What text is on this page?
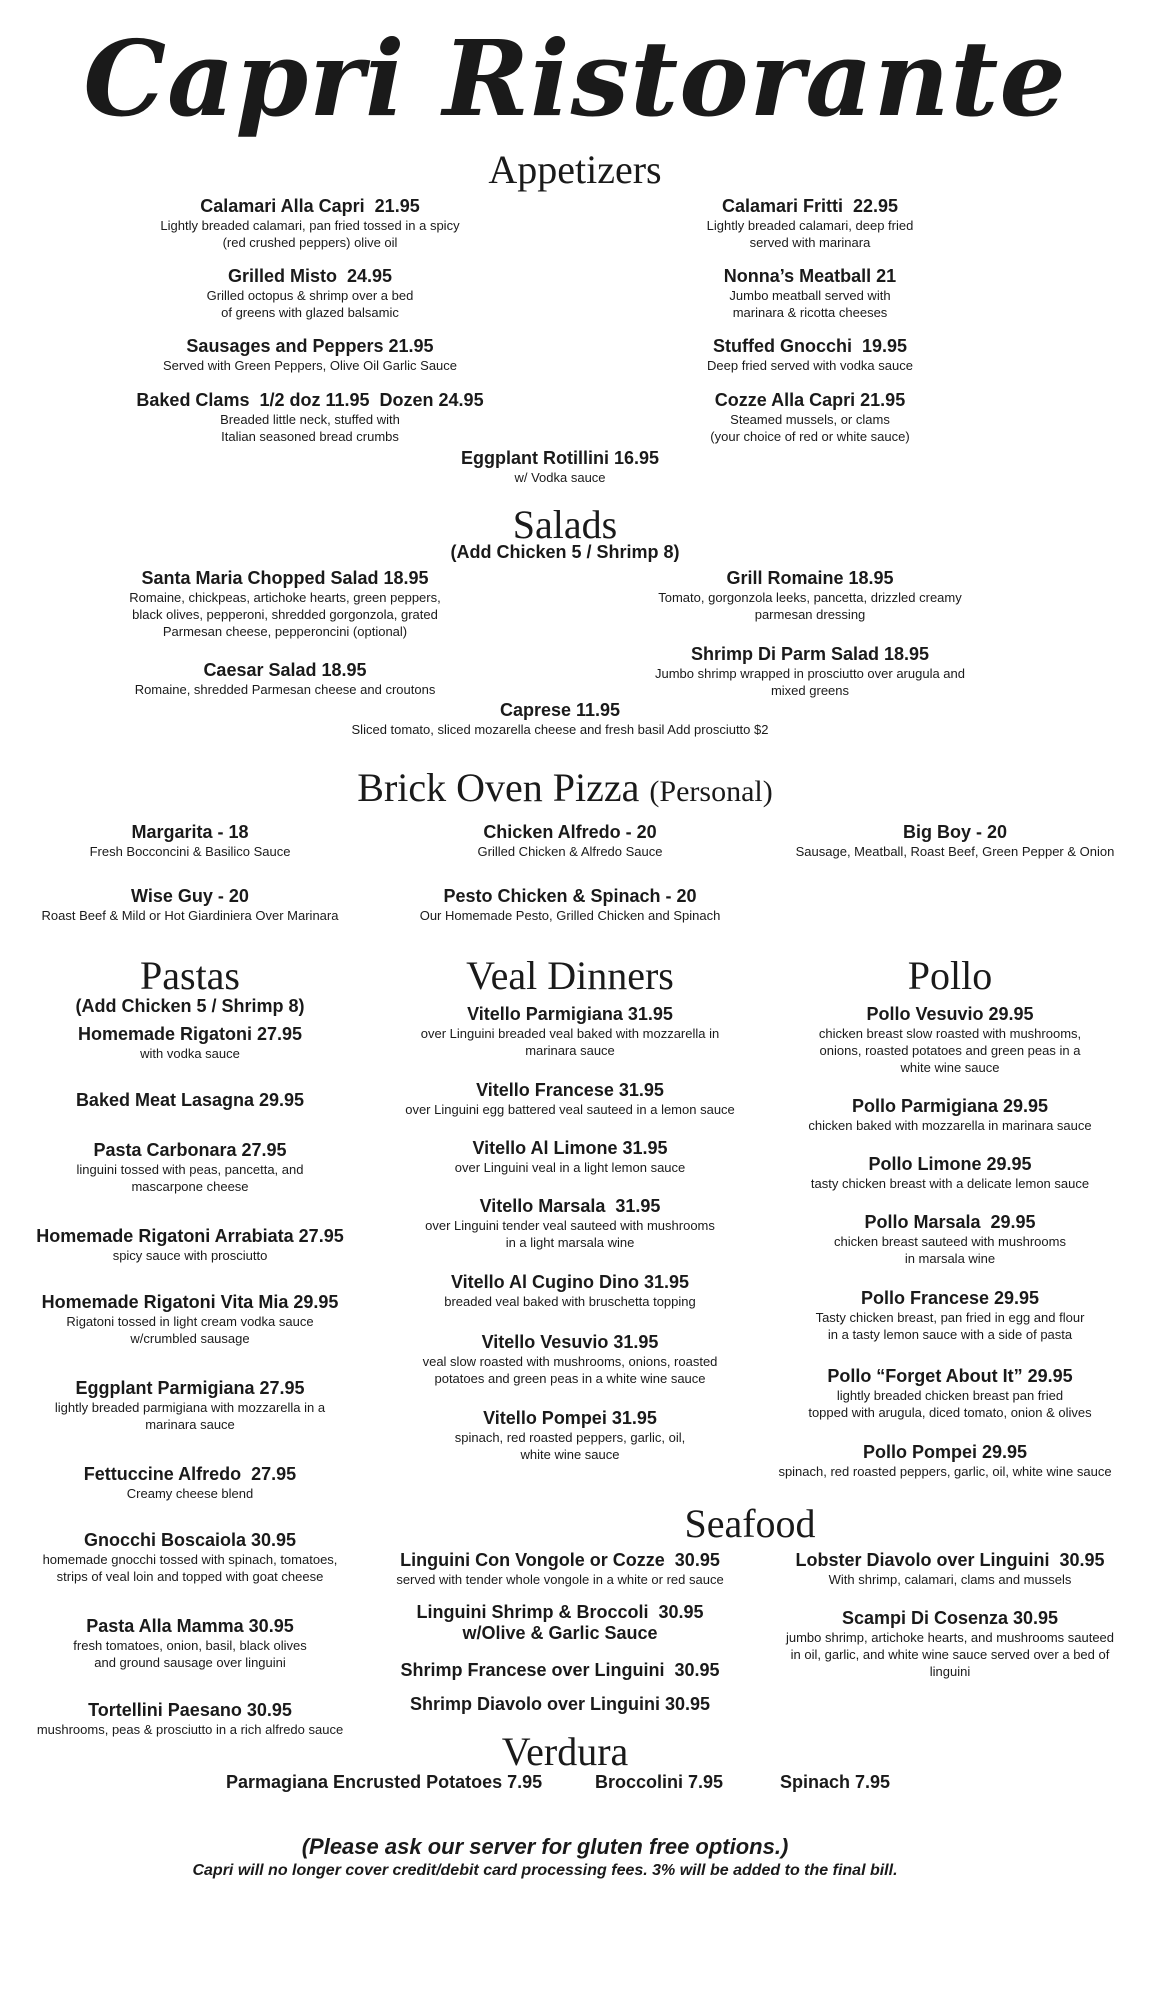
Capri Ristorante
Appetizers
Calamari Alla Capri  21.95
Lightly breaded calamari, pan fried tossed in a spicy
(red crushed peppers) olive oil
Calamari Fritti  22.95
Lightly breaded calamari, deep fried
served with marinara
Grilled Misto  24.95
Grilled octopus & shrimp over a bed
of greens with glazed balsamic
Nonna’s Meatball 21
Jumbo meatball served with
marinara & ricotta cheeses
Sausages and Peppers 21.95
Served with Green Peppers, Olive Oil Garlic Sauce
Stuffed Gnocchi  19.95
Deep fried served with vodka sauce
Baked Clams  1/2 doz 11.95  Dozen 24.95
Breaded little neck, stuffed with
Italian seasoned bread crumbs
Cozze Alla Capri 21.95
Steamed mussels, or clams
(your choice of red or white sauce)
Eggplant Rotillini 16.95
w/ Vodka sauce
Salads
(Add Chicken 5 / Shrimp 8)
Santa Maria Chopped Salad 18.95
Romaine, chickpeas, artichoke hearts, green peppers,
black olives, pepperoni, shredded gorgonzola, grated
Parmesan cheese, pepperoncini (optional)
Grill Romaine 18.95
Tomato, gorgonzola leeks, pancetta, drizzled creamy
parmesan dressing
Shrimp Di Parm Salad 18.95
Jumbo shrimp wrapped in prosciutto over arugula and
mixed greens
Caesar Salad 18.95
Romaine, shredded Parmesan cheese and croutons
Caprese 11.95
Sliced tomato, sliced mozarella cheese and fresh basil Add prosciutto $2
Brick Oven Pizza (Personal)
Margarita - 18
Fresh Bocconcini & Basilico Sauce
Chicken Alfredo - 20
Grilled Chicken & Alfredo Sauce
Big Boy - 20
Sausage, Meatball, Roast Beef, Green Pepper & Onion
Wise Guy - 20
Roast Beef & Mild or Hot Giardiniera Over Marinara
Pesto Chicken & Spinach - 20
Our Homemade Pesto, Grilled Chicken and Spinach
Pastas
(Add Chicken 5 / Shrimp 8)
Veal Dinners	Pollo
Homemade Rigatoni 27.95
with vodka sauce
Baked Meat Lasagna 29.95
Pasta Carbonara 27.95
linguini tossed with peas, pancetta, and
mascarpone cheese
Homemade Rigatoni Arrabiata 27.95
spicy sauce with prosciutto
Homemade Rigatoni Vita Mia 29.95
Rigatoni tossed in light cream vodka sauce
w/crumbled sausage
Eggplant Parmigiana 27.95
lightly breaded parmigiana with mozzarella in a
marinara sauce
Fettuccine Alfredo  27.95
Creamy cheese blend
Gnocchi Boscaiola 30.95
homemade gnocchi tossed with spinach, tomatoes,
strips of veal loin and topped with goat cheese
Pasta Alla Mamma 30.95
fresh tomatoes, onion, basil, black olives
and ground sausage over linguini
Tortellini Paesano 30.95
mushrooms, peas & prosciutto in a rich alfredo sauce
Vitello Parmigiana 31.95
over Linguini breaded veal baked with mozzarella in
marinara sauce
Vitello Francese 31.95
over Linguini egg battered veal sauteed in a lemon sauce
Vitello Al Limone 31.95
over Linguini veal in a light lemon sauce
Vitello Marsala  31.95
over Linguini tender veal sauteed with mushrooms
in a light marsala wine
Vitello Al Cugino Dino 31.95
breaded veal baked with bruschetta topping
Vitello Vesuvio 31.95
veal slow roasted with mushrooms, onions, roasted
potatoes and green peas in a white wine sauce
Vitello Pompei 31.95
spinach, red roasted peppers, garlic, oil,
white wine sauce
Pollo Vesuvio 29.95
chicken breast slow roasted with mushrooms,
onions, roasted potatoes and green peas in a
white wine sauce
Pollo Parmigiana 29.95
chicken baked with mozzarella in marinara sauce
Pollo Limone 29.95
tasty chicken breast with a delicate lemon sauce
Pollo Marsala  29.95
chicken breast sauteed with mushrooms
in marsala wine
Pollo Francese 29.95
Tasty chicken breast, pan fried in egg and flour
in a tasty lemon sauce with a side of pasta
Pollo “Forget About It” 29.95
lightly breaded chicken breast pan fried
topped with arugula, diced tomato, onion & olives
Pollo Pompei 29.95
spinach, red roasted peppers, garlic, oil, white wine sauce
Seafood
Linguini Con Vongole or Cozze  30.95
served with tender whole vongole in a white or red sauce
Lobster Diavolo over Linguini  30.95
With shrimp, calamari, clams and mussels
Linguini Shrimp & Broccoli  30.95
w/Olive & Garlic Sauce
Scampi Di Cosenza 30.95
jumbo shrimp, artichoke hearts, and mushrooms sauteed
in oil, garlic, and white wine sauce served over a bed of
linguini
Shrimp Francese over Linguini  30.95
Shrimp Diavolo over Linguini 30.95
Verdura
Parmagiana Encrusted Potatoes 7.95	Broccolini 7.95	Spinach 7.95
(Please ask our server for gluten free options.)
Capri will no longer cover credit/debit card processing fees. 3% will be added to the final bill.
